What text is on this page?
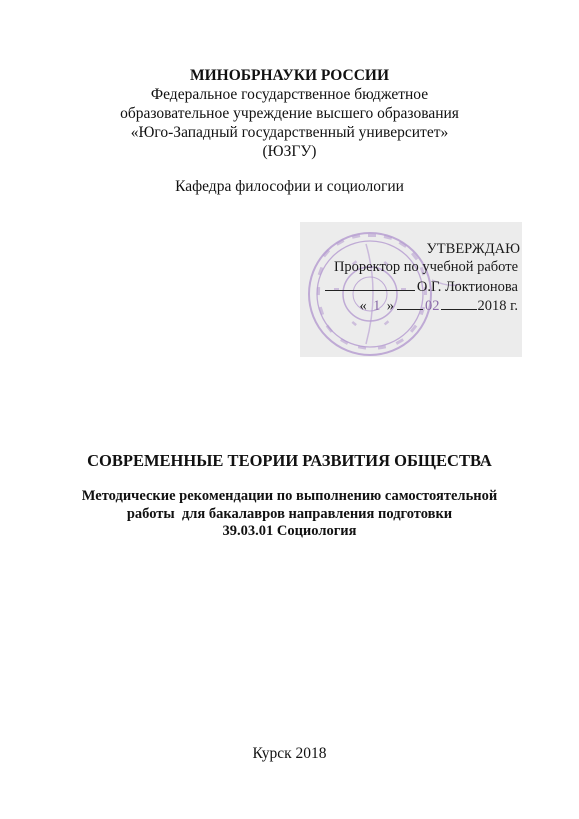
МИНОБРНАУКИ РОССИИ
Федеральное государственное бюджетное
образовательное учреждение высшего образования
«Юго-Западный государственный университет»
(ЮЗГУ)
Кафедра философии и социологии
УТВЕРЖДАЮ
Проректор по учебной работе
О.Г. Локтионова
« 1 » 02	2018 г.
СОВРЕМЕННЫЕ ТЕОРИИ РАЗВИТИЯ ОБЩЕСТВА
Методические рекомендации по выполнению самостоятельной
работы  для бакалавров направления подготовки
39.03.01 Социология
Курск 2018
